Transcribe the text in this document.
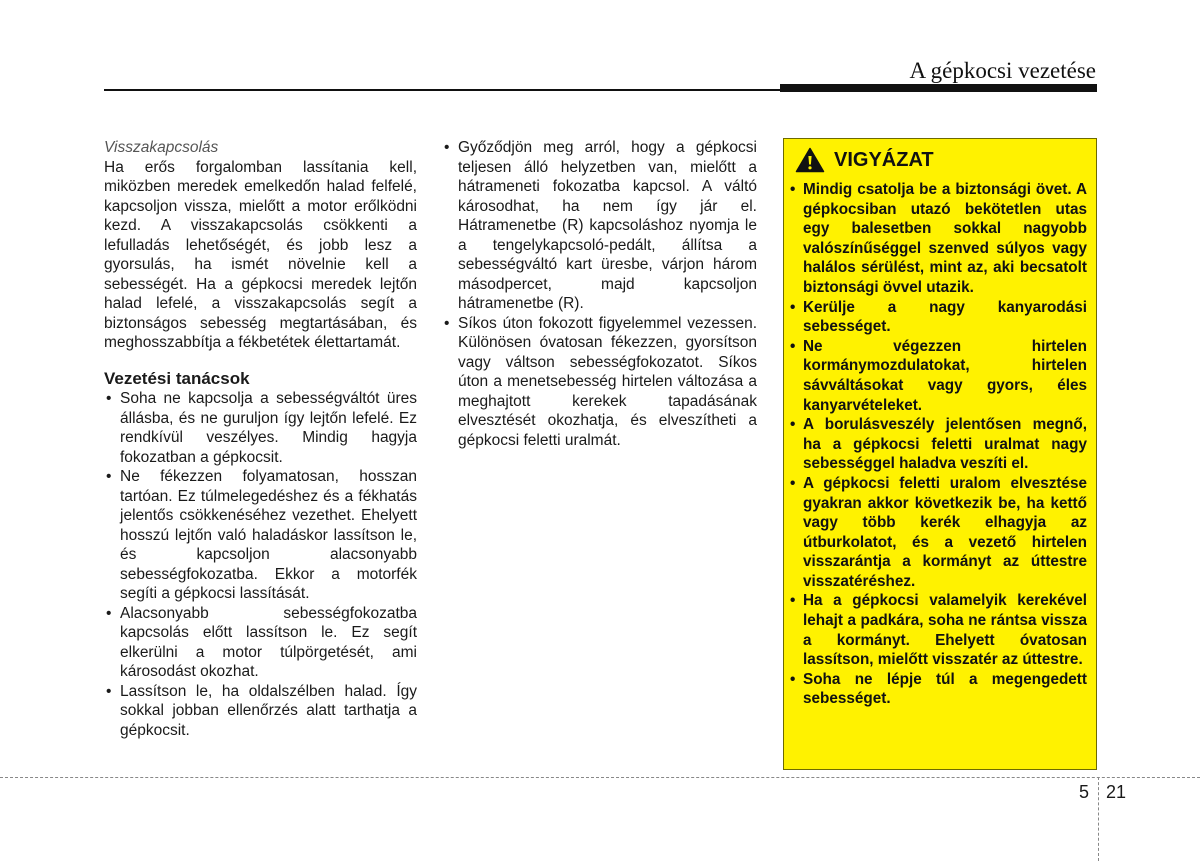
A gépkocsi vezetése

Visszakapcsolás

Ha erős forgalomban lassítania kell, miközben meredek emelkedőn halad felfelé, kapcsoljon vissza, mielőtt a motor erőlködni kezd. A visszakapcsolás csökkenti a lefulladás lehetőségét, és jobb lesz a gyorsulás, ha ismét növelnie kell a sebességét. Ha a gépkocsi meredek lejtőn halad lefelé, a visszakapcsolás segít a biztonságos sebesség megtartásában, és meghosszabbítja a fékbetétek élettartamát.

Vezetési tanácsok
• Soha ne kapcsolja a sebességváltót üres állásba, és ne guruljon így lejtőn lefelé. Ez rendkívül veszélyes. Mindig hagyja fokozatban a gépkocsit.
• Ne fékezzen folyamatosan, hosszan tartóan. Ez túlmelegedéshez és a fékhatás jelentős csökkenéséhez vezethet. Ehelyett hosszú lejtőn való haladáskor lassítson le, és kapcsoljon alacsonyabb sebességfokozatba. Ekkor a motorfék segíti a gépkocsi lassítását.
• Alacsonyabb sebességfokozatba kapcsolás előtt lassítson le. Ez segít elkerülni a motor túlpörgetését, ami károsodást okozhat.
• Lassítson le, ha oldalszélben halad. Így sokkal jobban ellenőrzés alatt tarthatja a gépkocsit.
• Győződjön meg arról, hogy a gépkocsi teljesen álló helyzetben van, mielőtt a hátrameneti fokozatba kapcsol. A váltó károsodhat, ha nem így jár el. Hátramenetbe (R) kapcsoláshoz nyomja le a tengelykapcsoló-pedált, állítsa a sebességváltó kart üresbe, várjon három másodpercet, majd kapcsoljon hátramenetbe (R).
• Síkos úton fokozott figyelemmel vezessen. Különösen óvatosan fékezzen, gyorsítson vagy váltson sebességfokozatot. Síkos úton a menetsebesség hirtelen változása a meghajtott kerekek tapadásának elvesztését okozhatja, és elveszítheti a gépkocsi feletti uralmát.
VIGYÁZAT
• Mindig csatolja be a biztonsági övet. A gépkocsiban utazó bekötetlen utas egy balesetben sokkal nagyobb valószínűséggel szenved súlyos vagy halálos sérülést, mint az, aki becsatolt biztonsági övvel utazik.
• Kerülje a nagy kanyarodási sebességet.
• Ne végezzen hirtelen kormánymozdulatokat, hirtelen sávváltásokat vagy gyors, éles kanyarvételeket.
• A borulásveszély jelentősen megnő, ha a gépkocsi feletti uralmat nagy sebességgel haladva veszíti el.
• A gépkocsi feletti uralom elvesztése gyakran akkor következik be, ha kettő vagy több kerék elhagyja az útburkolatot, és a vezető hirtelen visszarántja a kormányt az úttestre visszatéréshez.
• Ha a gépkocsi valamelyik kerekével lehajt a padkára, soha ne rántsa vissza a kormányt. Ehelyett óvatosan lassítson, mielőtt visszatér az úttestre.
• Soha ne lépje túl a megengedett sebességet.
5 21
